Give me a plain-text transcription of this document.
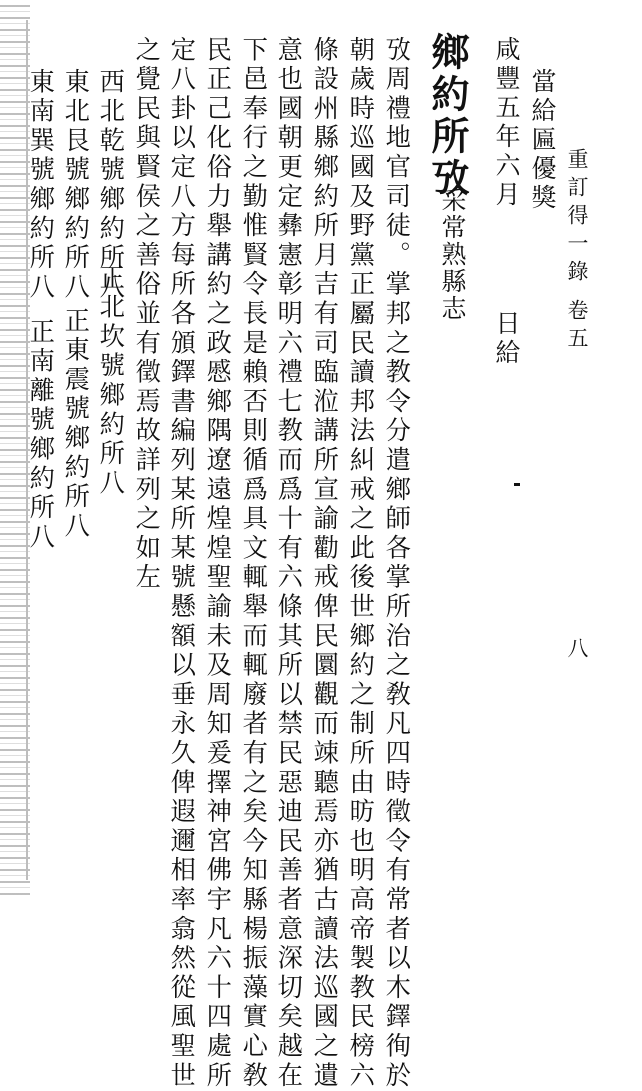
重訂得一錄
卷五
八
當給匾優獎
咸豐五年六月日給
鄉約所攷
采常熟縣志
攷周禮地官司徒。掌邦之教令分遣鄉師各掌所治之敎凡四時徵令有常者以木鐸徇於
朝歲時巡國及野黨正屬民讀邦法糾戒之此後世鄉約之制所由昉也明高帝製教民榜六
條設州縣鄉約所月吉有司臨涖講所宣諭勸戒俾民圜觀而竦聽焉亦猶古讀法巡國之遺
意也國朝更定彝憲彰明六禮七教而爲十有六條其所以禁民惡迪民善者意深切矣越在
下邑奉行之勤惟賢令長是賴否則循爲具文輒舉而輒廢者有之矣今知縣楊振藻實心敎
民正己化俗力舉講約之政慼鄉隅遼遠煌煌聖諭未及周知爰擇神宮佛宇凡六十四處所
定八卦以定八方每所各頒鐸書編列某所某號懸額以垂永久俾遐邇相率翕然從風聖世
之覺民與賢侯之善俗並有徵焉故詳列之如左
西北乾號鄉約所八
東北艮號鄉約所八
東南巽號鄉約所八
正北坎號鄉約所八
正東震號鄉約所八
正南離號鄉約所八
